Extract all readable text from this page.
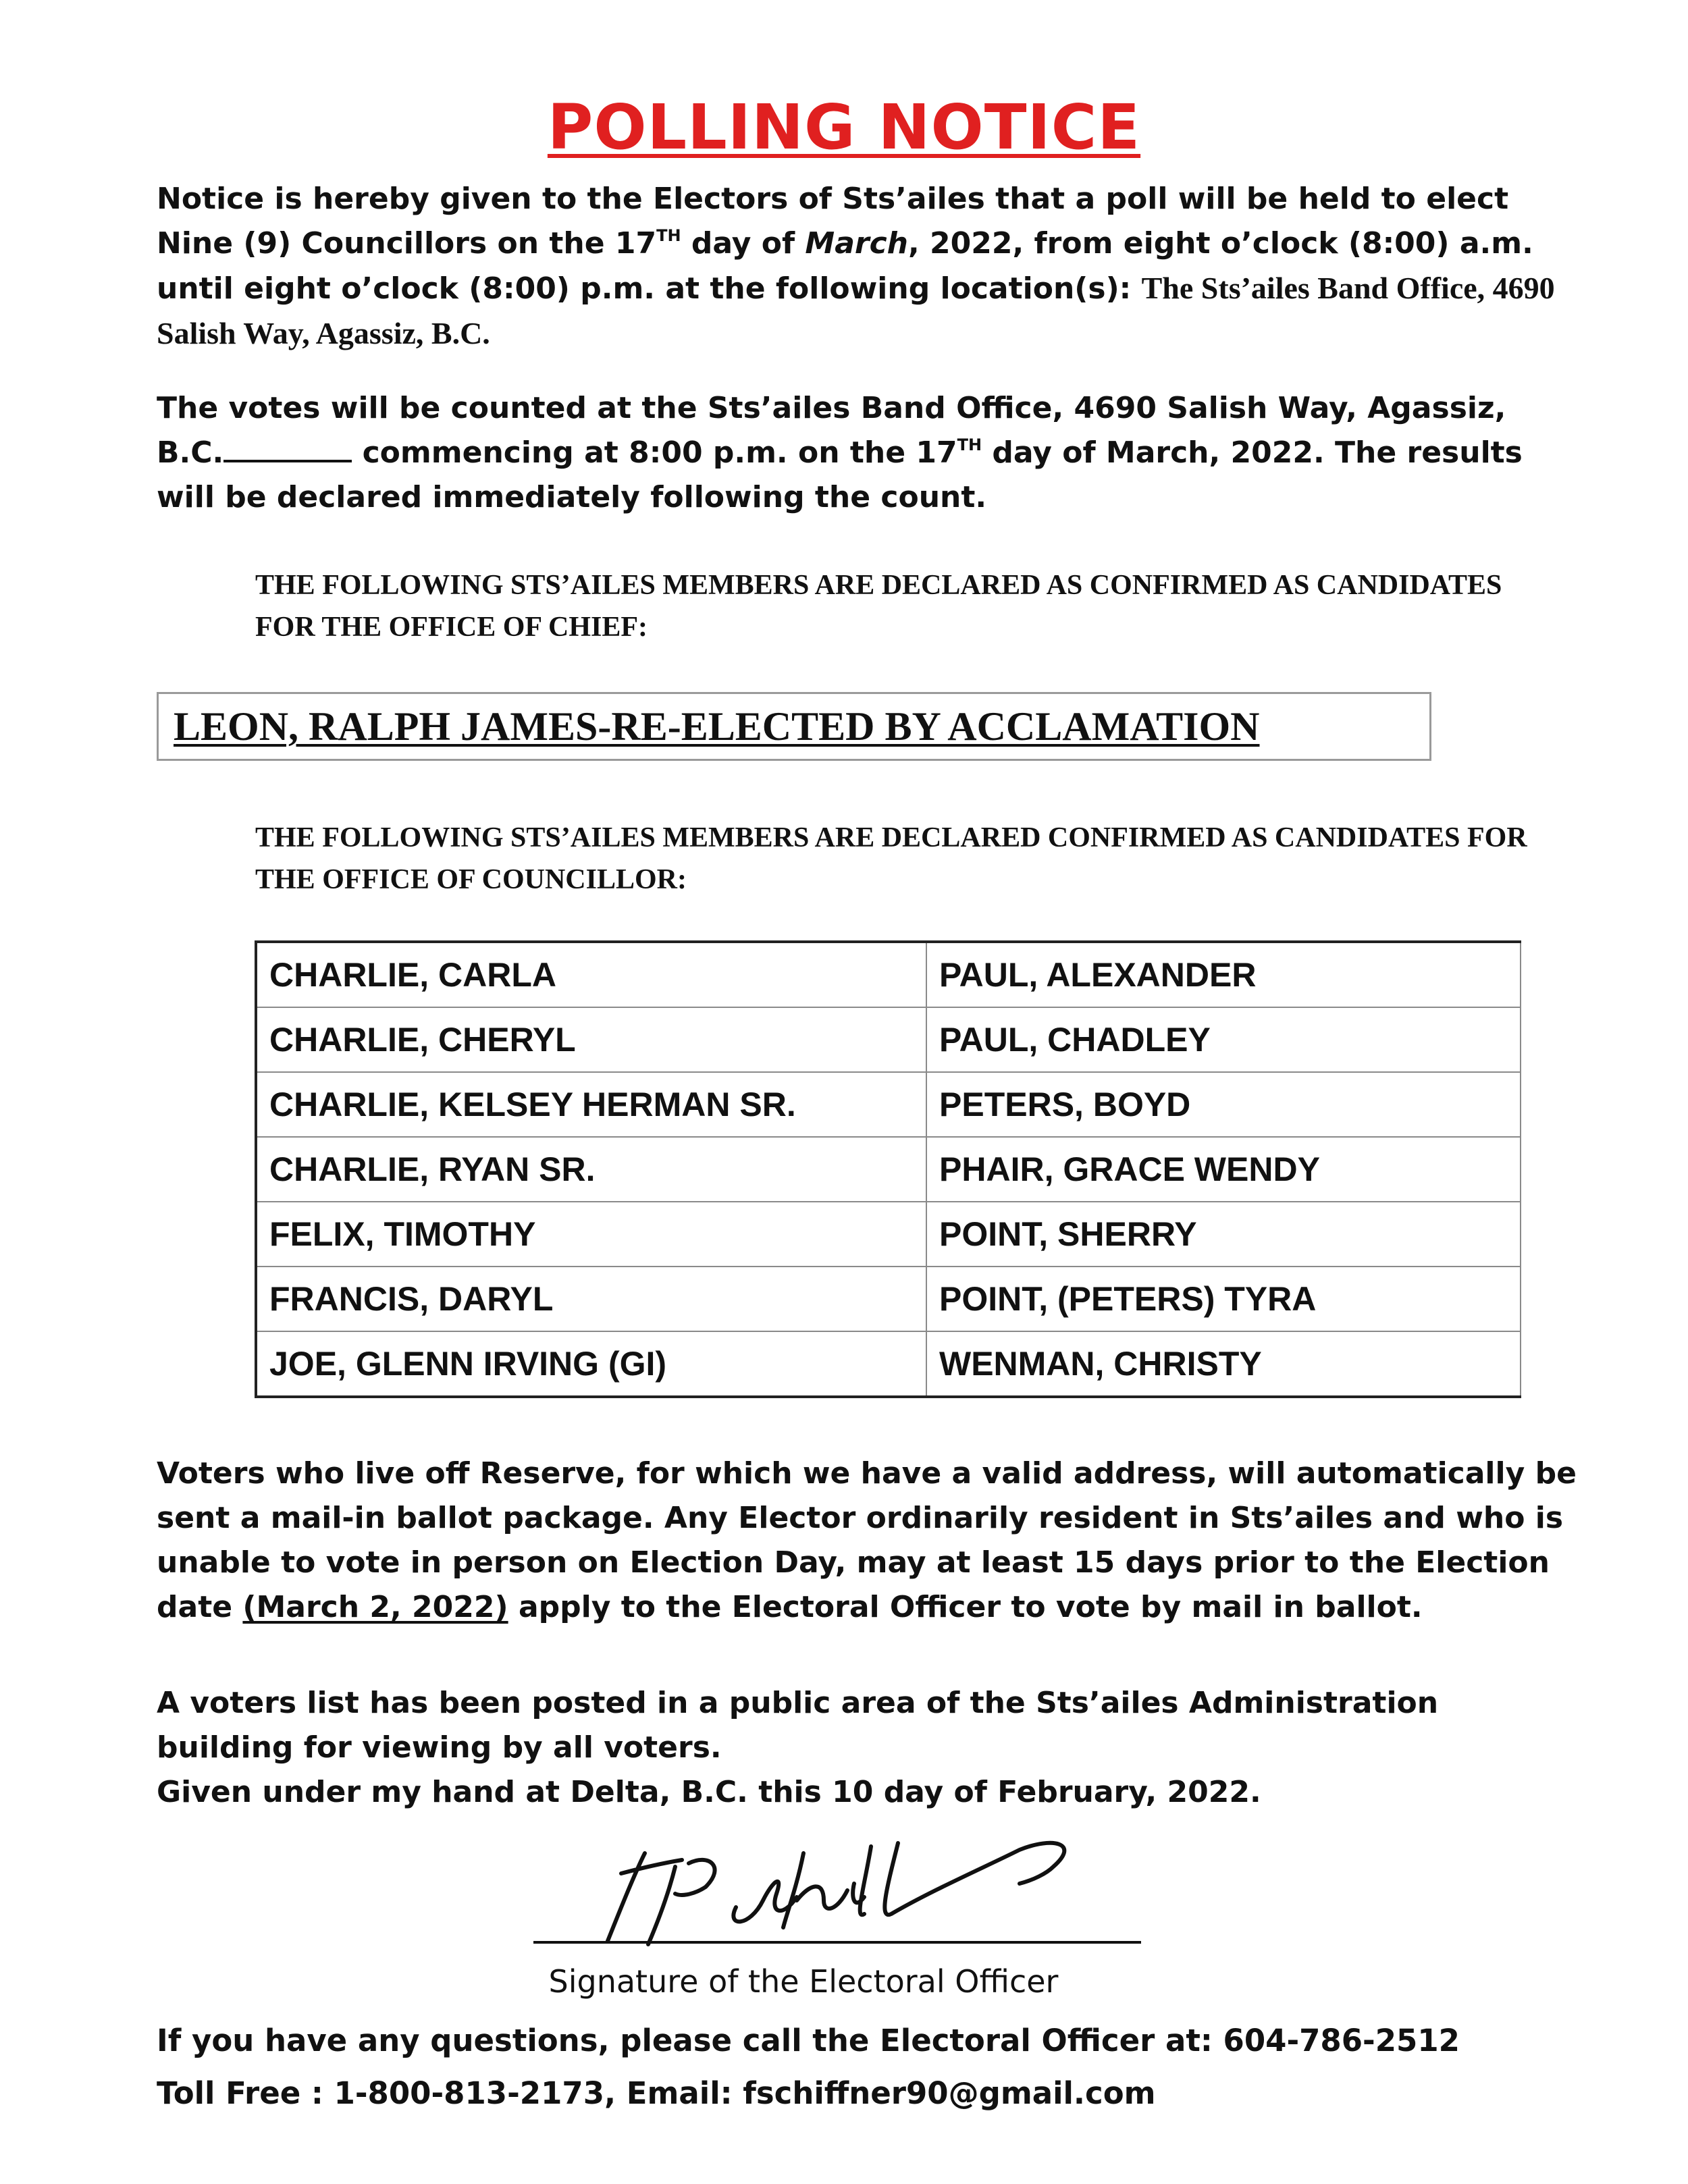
POLLING NOTICE
Notice is hereby given to the Electors of Sts’ailes that a poll will be held to elect Nine (9) Councillors on the 17TH day of March, 2022, from eight o’clock (8:00) a.m. until eight o’clock (8:00) p.m. at the following location(s): The Sts’ailes Band Office, 4690 Salish Way, Agassiz, B.C.
The votes will be counted at the Sts’ailes Band Office, 4690 Salish Way, Agassiz, B.C.	commencing at 8:00 p.m. on the 17TH day of March, 2022. The results will be declared immediately following the count.
THE FOLLOWING STS’AILES MEMBERS ARE DECLARED AS CONFIRMED AS CANDIDATES FOR THE OFFICE OF CHIEF:
LEON, RALPH JAMES-RE-ELECTED BY ACCLAMATION
THE FOLLOWING STS’AILES MEMBERS ARE DECLARED CONFIRMED AS CANDIDATES FOR THE OFFICE OF COUNCILLOR:
CHARLIE, CARLA	PAUL, ALEXANDER
CHARLIE, CHERYL	PAUL, CHADLEY
CHARLIE, KELSEY HERMAN SR.	PETERS, BOYD
CHARLIE, RYAN SR.	PHAIR, GRACE WENDY
FELIX, TIMOTHY	POINT, SHERRY
FRANCIS, DARYL	POINT, (PETERS) TYRA
JOE, GLENN IRVING (GI)	WENMAN, CHRISTY
Voters who live off Reserve, for which we have a valid address, will automatically be sent a mail-in ballot package. Any Elector ordinarily resident in Sts’ailes and who is unable to vote in person on Election Day, may at least 15 days prior to the Election date (March 2, 2022) apply to the Electoral Officer to vote by mail in ballot.
A voters list has been posted in a public area of the Sts’ailes Administration building for viewing by all voters.
Given under my hand at Delta, B.C. this 10 day of February, 2022.
Signature of the Electoral Officer
If you have any questions, please call the Electoral Officer at: 604-786-2512
Toll Free : 1-800-813-2173, Email: fschiffner90@gmail.com
